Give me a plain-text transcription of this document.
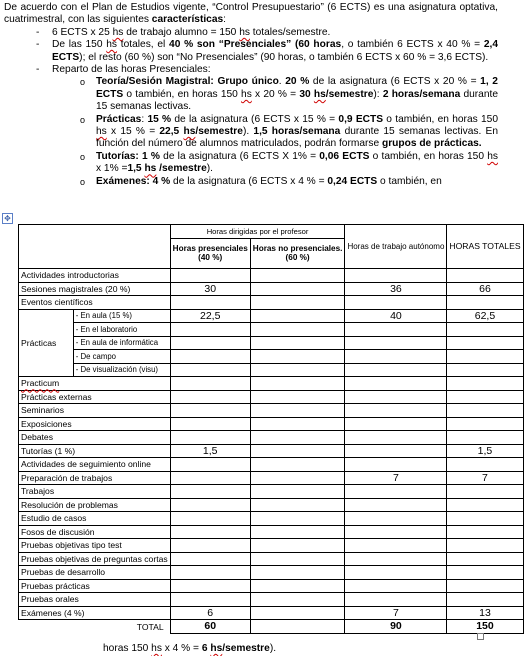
De acuerdo con el Plan de Estudios vigente, “Control Presupuestario” (6 ECTS) es una asignatura optativa, cuatrimestral, con las siguientes características:

- 6 ECTS x 25 hs de trabajo alumno = 150 hs totales/semestre.
- De las 150 hs totales, el 40 % son “Presenciales” (60 horas, o también 6 ECTS x 40 % = 2,4 ECTS); el resto (60 %) son “No Presenciales” (90 horas, o también 6 ECTS x 60 % = 3,6 ECTS).
- Reparto de las horas Presenciales:
o Teoría/Sesión Magistral: Grupo único. 20 % de la asignatura (6 ECTS x 20 % = 1, 2 ECTS o también, en horas 150 hs x 20 % = 30 hs/semestre): 2 horas/semana durante 15 semanas lectivas.
o Prácticas: 15 % de la asignatura (6 ECTS x 15 % = 0,9 ECTS o también, en horas 150 hs x 15 % = 22,5 hs/semestre). 1,5 horas/semana durante 15 semanas lectivas. En función del número de alumnos matriculados, podrán formarse grupos de prácticas.
o Tutorías: 1 % de la asignatura (6 ECTS X 1% = 0,06 ECTS o también, en horas 150 hs x 1% =1,5 hs /semestre).
o Exámenes: 4 % de la asignatura (6 ECTS x 4 % = 0,24 ECTS o también, en
✥
		Horas dirigidas por el profesor		Horas de trabajo autónomo	HORAS TOTALES
		Horas presenciales
(40 %)	Horas no presenciales.
(60 %)		
Actividades introductorias					
Sesiones magistrales (20 %)		30		36	66
Eventos científicos					
Prácticas	- En aula (15 %)	22,5		40	62,5
	- En el laboratorio				
	- En aula de informática				
	- De campo				
	- De visualización (visu)				
Practicum					
Prácticas externas					
Seminarios					
Exposiciones					
Debates					
Tutorías (1 %)		1,5			1,5
Actividades de seguimiento online					
Preparación de trabajos				7	7
Trabajos					
Resolución de problemas					
Estudio de casos					
Fosos de discusión					
Pruebas objetivas tipo test					
Pruebas objetivas de preguntas cortas					
Pruebas de desarrollo					
Pruebas prácticas					
Pruebas orales					
Exámenes (4 %)		6		7	13
TOTAL		60		90	150
horas 150 hs x 4 % = 6 hs/semestre).
